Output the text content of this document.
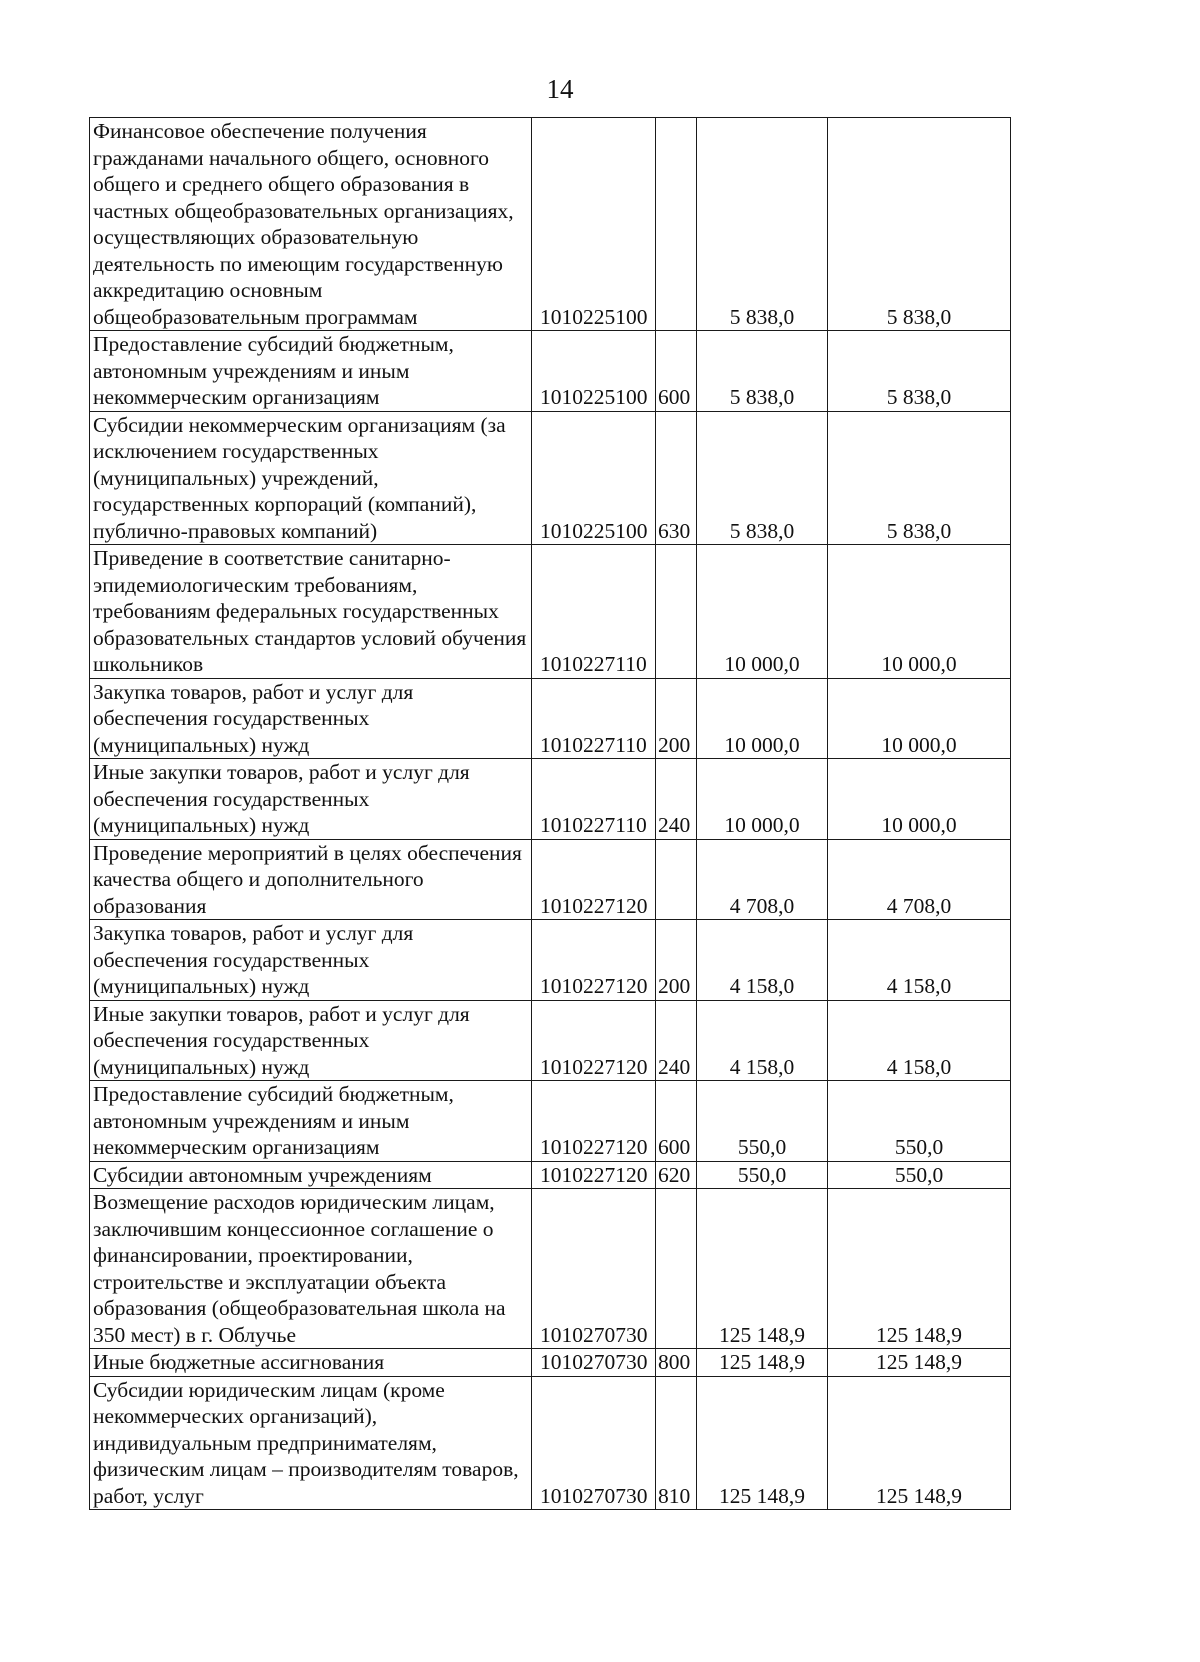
14
Финансовое обеспечение получения гражданами начального общего, основного общего и среднего общего образования в частных общеобразовательных организациях, осуществляющих образовательную деятельность по имеющим государственную аккредитацию основным общеобразовательным программам	1010225100		5 838,0	5 838,0
Предоставление субсидий бюджетным, автономным учреждениям и иным некоммерческим организациям	1010225100	600	5 838,0	5 838,0
Субсидии некоммерческим организациям (за исключением государственных (муниципальных) учреждений, государственных корпораций (компаний), публично-правовых компаний)	1010225100	630	5 838,0	5 838,0
Приведение в соответствие санитарно-эпидемиологическим требованиям, требованиям федеральных государственных образовательных стандартов условий обучения школьников	1010227110		10 000,0	10 000,0
Закупка товаров, работ и услуг для обеспечения государственных (муниципальных) нужд	1010227110	200	10 000,0	10 000,0
Иные закупки товаров, работ и услуг для обеспечения государственных (муниципальных) нужд	1010227110	240	10 000,0	10 000,0
Проведение мероприятий в целях обеспечения качества общего и дополнительного образования	1010227120		4 708,0	4 708,0
Закупка товаров, работ и услуг для обеспечения государственных (муниципальных) нужд	1010227120	200	4 158,0	4 158,0
Иные закупки товаров, работ и услуг для обеспечения государственных (муниципальных) нужд	1010227120	240	4 158,0	4 158,0
Предоставление субсидий бюджетным, автономным учреждениям и иным некоммерческим организациям	1010227120	600	550,0	550,0
Субсидии автономным учреждениям	1010227120	620	550,0	550,0
Возмещение расходов юридическим лицам, заключившим концессионное соглашение о финансировании, проектировании, строительстве и эксплуатации объекта образования (общеобразовательная школа на 350 мест) в г. Облучье	1010270730		125 148,9	125 148,9
Иные бюджетные ассигнования	1010270730	800	125 148,9	125 148,9
Субсидии юридическим лицам (кроме некоммерческих организаций), индивидуальным предпринимателям, физическим лицам – производителям товаров, работ, услуг	1010270730	810	125 148,9	125 148,9
